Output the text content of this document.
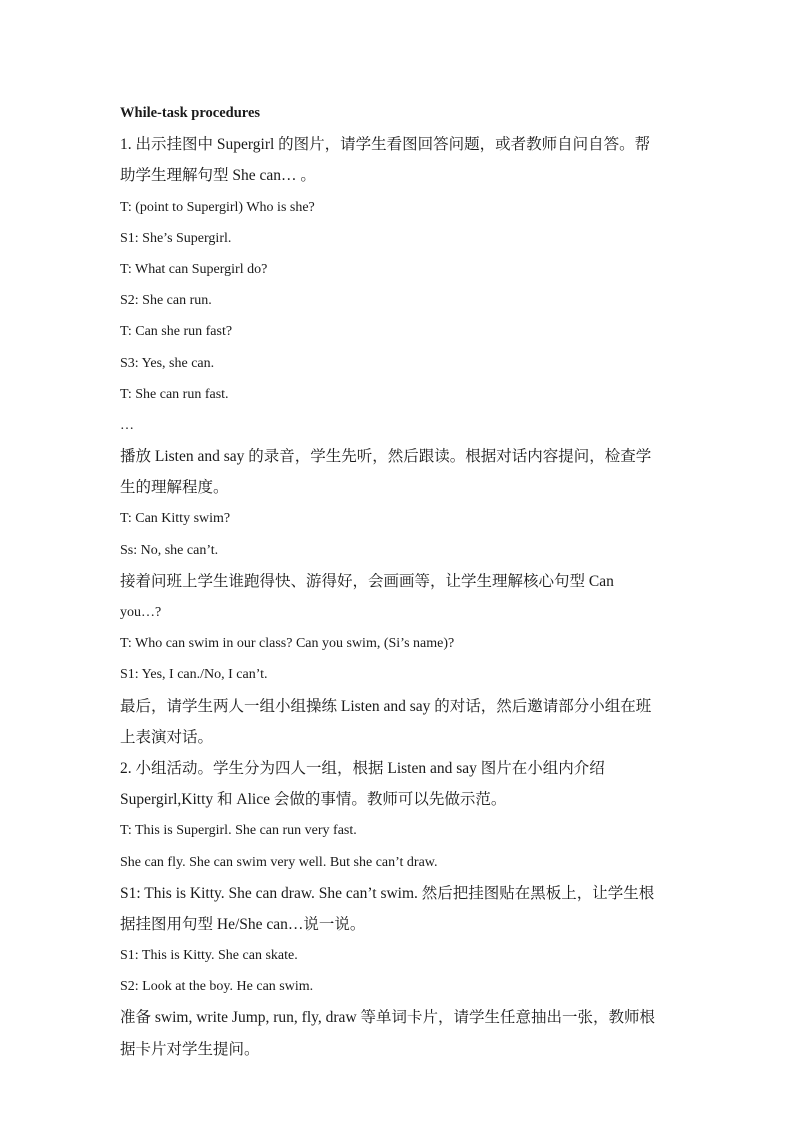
While-task procedures
1. 出示挂图中 Supergirl 的图片，请学生看图回答问题，或者教师自问自答。帮
助学生理解句型 She can… 。
T: (point to Supergirl) Who is she?
S1: She’s Supergirl.
T: What can Supergirl do?
S2: She can run.
T: Can she run fast?
S3: Yes, she can.
T: She can run fast.
…
播放 Listen and say 的录音，学生先听，然后跟读。根据对话内容提问，检查学
生的理解程度。
T: Can Kitty swim?
Ss: No, she can’t.
接着问班上学生谁跑得快、游得好，会画画等，让学生理解核心句型 Can
you…?
T: Who can swim in our class? Can you swim, (Si’s name)?
S1: Yes, I can./No, I can’t.
最后，请学生两人一组小组操练 Listen and say 的对话，然后邀请部分小组在班
上表演对话。
2. 小组活动。学生分为四人一组，根据 Listen and say 图片在小组内介绍
Supergirl,Kitty 和 Alice 会做的事情。教师可以先做示范。
T: This is Supergirl. She can run very fast.
She can fly. She can swim very well. But she can’t draw.
S1: This is Kitty. She can draw. She can’t swim. 然后把挂图贴在黑板上，让学生根
据挂图用句型 He/She can…说一说。
S1: This is Kitty. She can skate.
S2: Look at the boy. He can swim.
准备 swim, write Jump, run, fly, draw 等单词卡片，请学生任意抽出一张，教师根
据卡片对学生提问。
